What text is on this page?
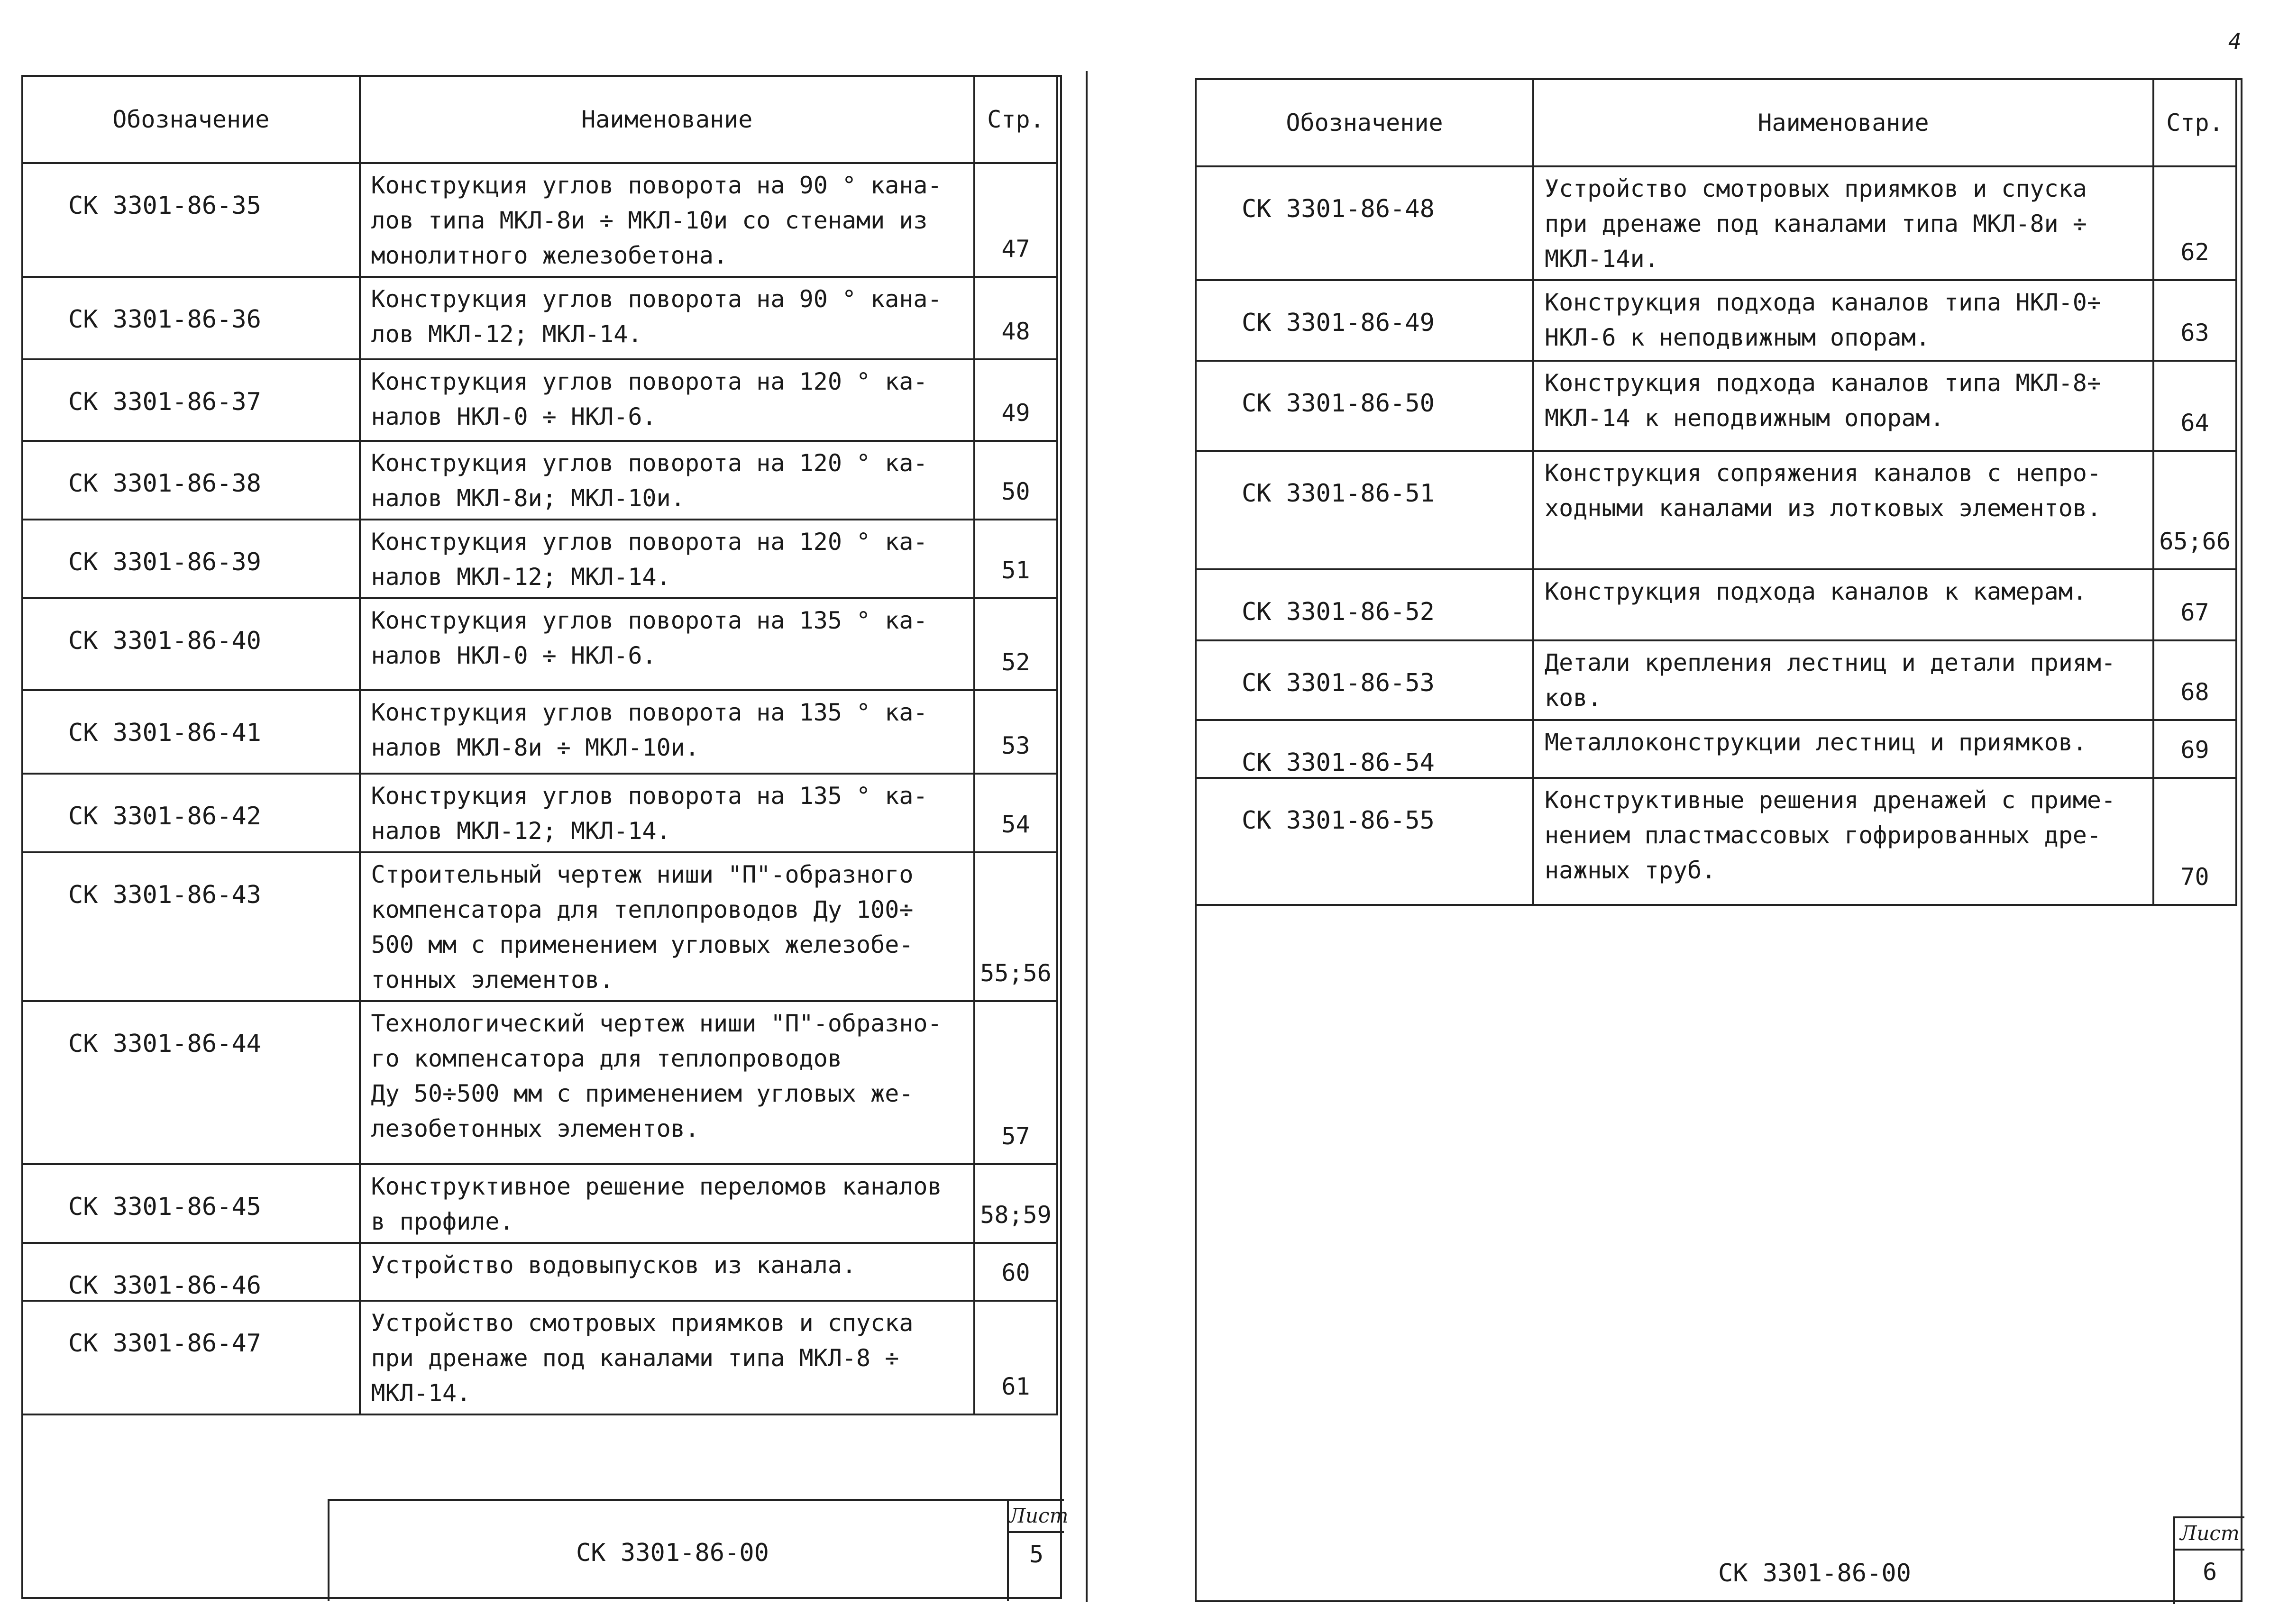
4
Обозначение	Наименование	Стр.
СК 3301-86-35	Конструкция углов поворота на 90 ° кана-
лов типа МКЛ-8и ÷ МКЛ-10и со стенами из
монолитного железобетона.	47
СК 3301-86-36	Конструкция углов поворота на 90 ° кана-
лов МКЛ-12; МКЛ-14.	48
СК 3301-86-37	Конструкция углов поворота на 120 ° ка-
налов НКЛ-0 ÷ НКЛ-6.	49
СК 3301-86-38	Конструкция углов поворота на 120 ° ка-
налов МКЛ-8и; МКЛ-10и.	50
СК 3301-86-39	Конструкция углов поворота на 120 ° ка-
налов МКЛ-12; МКЛ-14.	51
СК 3301-86-40	Конструкция углов поворота на 135 ° ка-
налов НКЛ-0 ÷ НКЛ-6.	52
СК 3301-86-41	Конструкция углов поворота на 135 ° ка-
налов МКЛ-8и ÷ МКЛ-10и.	53
СК 3301-86-42	Конструкция углов поворота на 135 ° ка-
налов МКЛ-12; МКЛ-14.	54
СК 3301-86-43	Строительный чертеж ниши "П"-образного
компенсатора для теплопроводов Ду 100÷
500 мм с применением угловых железобе-
тонных элементов.	55;56
СК 3301-86-44	Технологический чертеж ниши "П"-образно-
го компенсатора для теплопроводов
Ду 50÷500 мм с применением угловых же-
лезобетонных элементов.	57
СК 3301-86-45	Конструктивное решение переломов каналов
в профиле.	58;59
СК 3301-86-46	Устройство водовыпусков из канала.	60
СК 3301-86-47	Устройство смотровых приямков и спуска
при дренаже под каналами типа МКЛ-8 ÷
МКЛ-14.	61
СК 3301-86-00
Лист
5
Обозначение	Наименование	Стр.
СК 3301-86-48	Устройство смотровых приямков и спуска
при дренаже под каналами типа МКЛ-8и ÷
МКЛ-14и.	62
СК 3301-86-49	Конструкция подхода каналов типа НКЛ-0÷
НКЛ-6 к неподвижным опорам.	63
СК 3301-86-50	Конструкция подхода каналов типа МКЛ-8÷
МКЛ-14 к неподвижным опорам.	64
СК 3301-86-51	Конструкция сопряжения каналов с непро-
ходными каналами из лотковых элементов.	65;66
СК 3301-86-52	Конструкция подхода каналов к камерам.	67
СК 3301-86-53	Детали крепления лестниц и детали приям-
ков.	68
СК 3301-86-54	Металлоконструкции лестниц и приямков.	69
СК 3301-86-55	Конструктивные решения дренажей с приме-
нением пластмассовых гофрированных дре-
нажных труб.	70
Лист
6
СК 3301-86-00
